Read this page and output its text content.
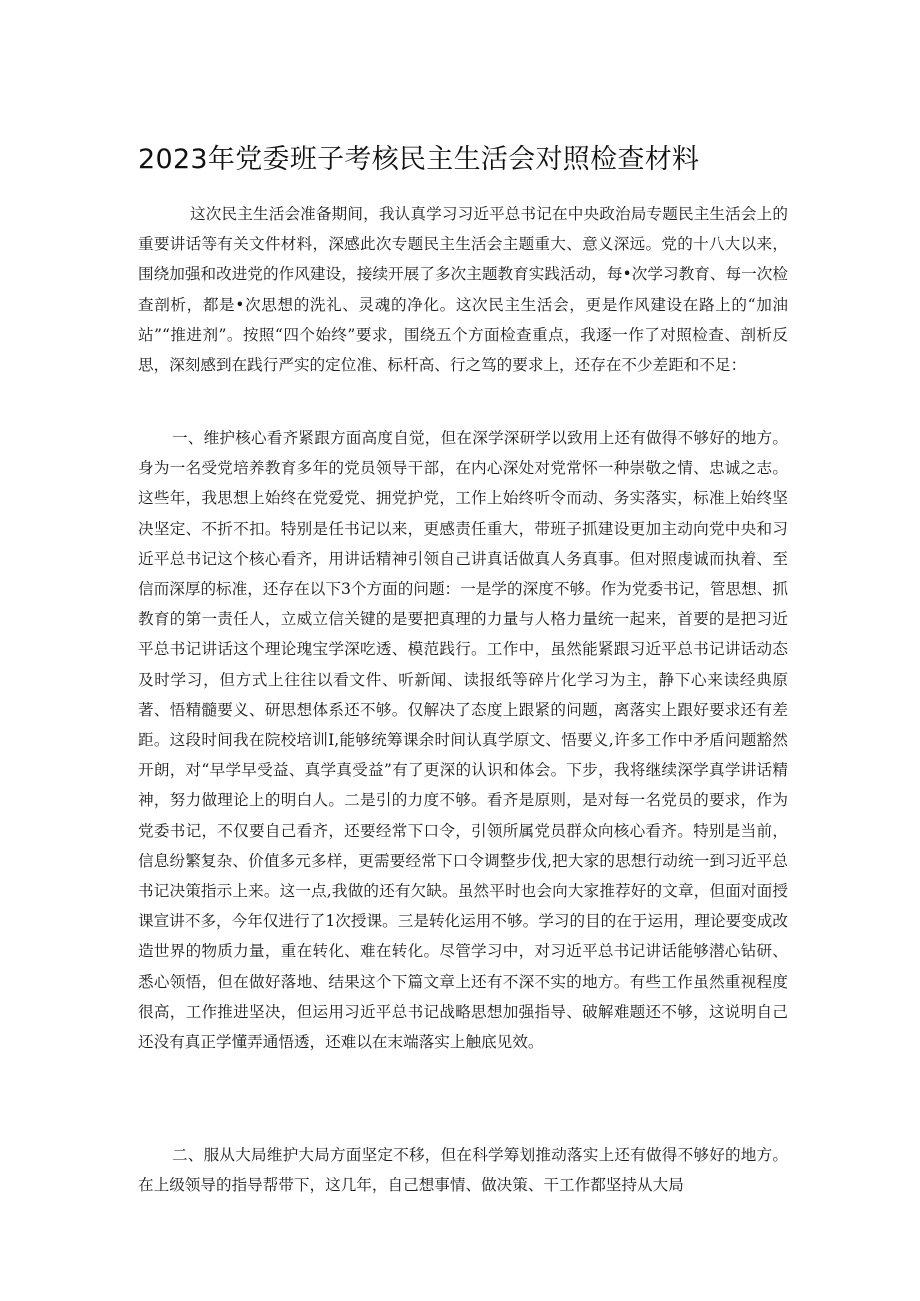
2023年党委班子考核民主生活会对照检查材料

这次民主生活会准备期间，我认真学习习近平总书记在中央政治局专题民主生活会上的重要讲话等有关文件材料，深感此次专题民主生活会主题重大、意义深远。党的十八大以来，围绕加强和改进党的作风建设，接续开展了多次主题教育实践活动，每•次学习教育、每一次检查剖析，都是•次思想的洗礼、灵魂的净化。这次民主生活会，更是作风建设在路上的“加油站”“推进剂”。按照“四个始终”要求，围绕五个方面检查重点，我逐一作了对照检查、剖析反思，深刻感到在践行严实的定位准、标杆高、行之笃的要求上，还存在不少差距和不足：

一、维护核心看齐紧跟方面高度自觉，但在深学深研学以致用上还有做得不够好的地方。身为一名受党培养教育多年的党员领导干部，在内心深处对党常怀一种崇敬之情、忠诚之志。这些年，我思想上始终在党爱党、拥党护党，工作上始终听令而动、务实落实，标准上始终坚决坚定、不折不扣。特别是任书记以来，更感责任重大，带班子抓建设更加主动向党中央和习近平总书记这个核心看齐，用讲话精神引领自己讲真话做真人务真事。但对照虔诚而执着、至信而深厚的标准，还存在以下3个方面的问题：一是学的深度不够。作为党委书记，管思想、抓教育的第一责任人，立威立信关键的是要把真理的力量与人格力量统一起来，首要的是把习近平总书记讲话这个理论瑰宝学深吃透、模范践行。工作中，虽然能紧跟习近平总书记讲话动态及时学习，但方式上往往以看文件、听新闻、读报纸等碎片化学习为主，静下心来读经典原著、悟精髓要义、研思想体系还不够。仅解决了态度上跟紧的问题，离落实上跟好要求还有差距。这段时间我在院校培训I,能够统筹课余时间认真学原文、悟要义,许多工作中矛盾问题豁然开朗，对“早学早受益、真学真受益”有了更深的认识和体会。下步，我将继续深学真学讲话精神，努力做理论上的明白人。二是引的力度不够。看齐是原则，是对每一名党员的要求，作为党委书记，不仅要自己看齐，还要经常下口令，引领所属党员群众向核心看齐。特别是当前，信息纷繁复杂、价值多元多样，更需要经常下口令调整步伐,把大家的思想行动统一到习近平总书记决策指示上来。这一点,我做的还有欠缺。虽然平时也会向大家推荐好的文章，但面对面授课宣讲不多，今年仅进行了1次授课。三是转化运用不够。学习的目的在于运用，理论要变成改造世界的物质力量，重在转化、难在转化。尽管学习中，对习近平总书记讲话能够潜心钻研、悉心领悟，但在做好落地、结果这个下篇文章上还有不深不实的地方。有些工作虽然重视程度很高，工作推进坚决，但运用习近平总书记战略思想加强指导、破解难题还不够，这说明自己还没有真正学懂弄通悟透，还难以在末端落实上触底见效。

二、服从大局维护大局方面坚定不移，但在科学筹划推动落实上还有做得不够好的地方。在上级领导的指导帮带下，这几年，自己想事情、做决策、干工作都坚持从大局
